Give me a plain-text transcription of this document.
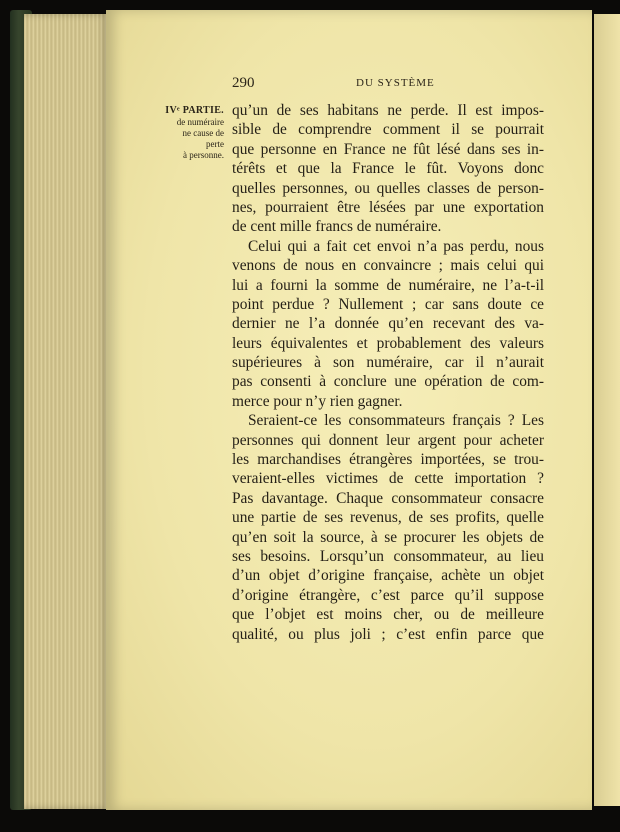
290	DU SYSTÈME
IVᵉ PARTIE.
de numéraire
ne cause de
perte
à personne.
qu’un de ses habitans ne perde. Il est impos-
sible de comprendre comment il se pourrait
que personne en France ne fût lésé dans ses in-
térêts et que la France le fût. Voyons donc
quelles personnes, ou quelles classes de person-
nes, pourraient être lésées par une exportation
de cent mille francs de numéraire.
Celui qui a fait cet envoi n’a pas perdu, nous
venons de nous en convaincre ; mais celui qui
lui a fourni la somme de numéraire, ne l’a-t-il
point perdue ? Nullement ; car sans doute ce
dernier ne l’a donnée qu’en recevant des va-
leurs équivalentes et probablement des valeurs
supérieures à son numéraire, car il n’aurait
pas consenti à conclure une opération de com-
merce pour n’y rien gagner.
Seraient-ce les consommateurs français ? Les
personnes qui donnent leur argent pour acheter
les marchandises étrangères importées, se trou-
veraient-elles victimes de cette importation ?
Pas davantage. Chaque consommateur consacre
une partie de ses revenus, de ses profits, quelle
qu’en soit la source, à se procurer les objets de
ses besoins. Lorsqu’un consommateur, au lieu
d’un objet d’origine française, achète un objet
d’origine étrangère, c’est parce qu’il suppose
que l’objet est moins cher, ou de meilleure
qualité, ou plus joli ; c’est enfin parce que
